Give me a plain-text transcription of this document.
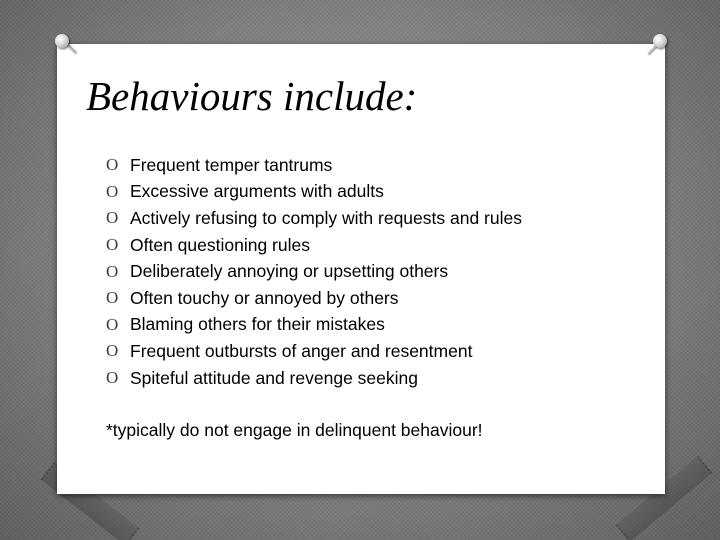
Behaviours include:
O Frequent temper tantrums
O Excessive arguments with adults
O Actively refusing to comply with requests and rules
O Often questioning rules
O Deliberately annoying or upsetting others
O Often touchy or annoyed by others
O Blaming others for their mistakes
O Frequent outbursts of anger and resentment
O Spiteful attitude and revenge seeking

*typically do not engage in delinquent behaviour!
